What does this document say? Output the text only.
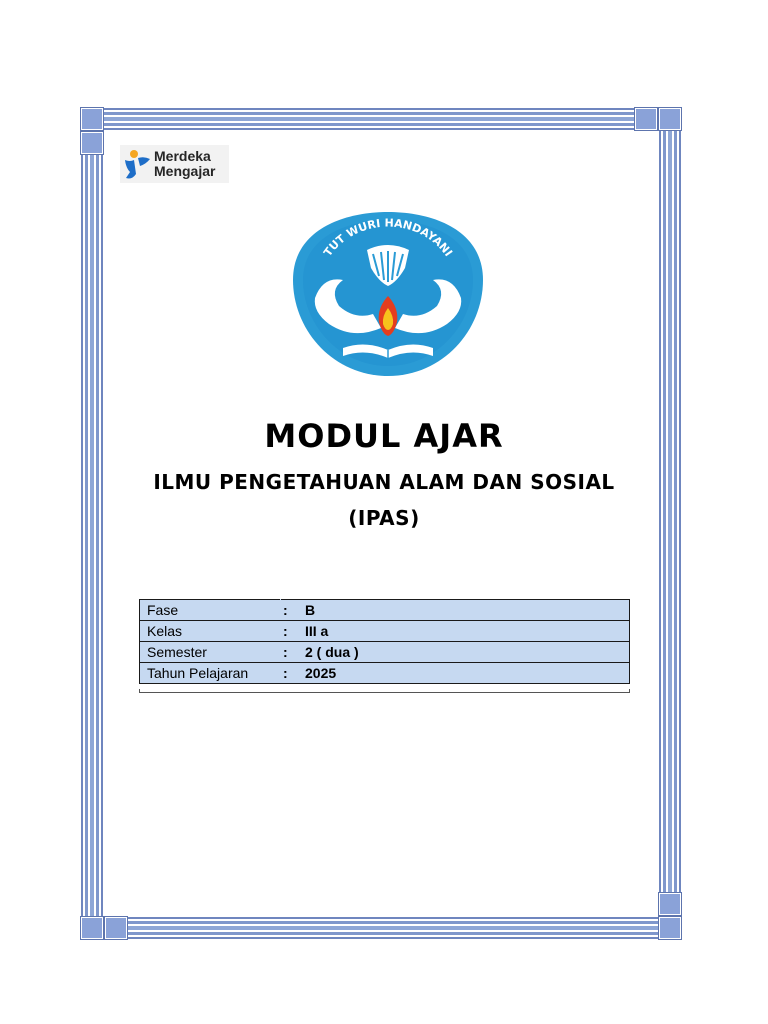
Merdeka
Mengajar
TUT WURI HANDAYANI
MODUL AJAR
ILMU PENGETAHUAN ALAM DAN SOSIAL
(IPAS)
Fase	:	B
Kelas	:	III a
Semester	:	2 ( dua )
Tahun Pelajaran	:	2025
